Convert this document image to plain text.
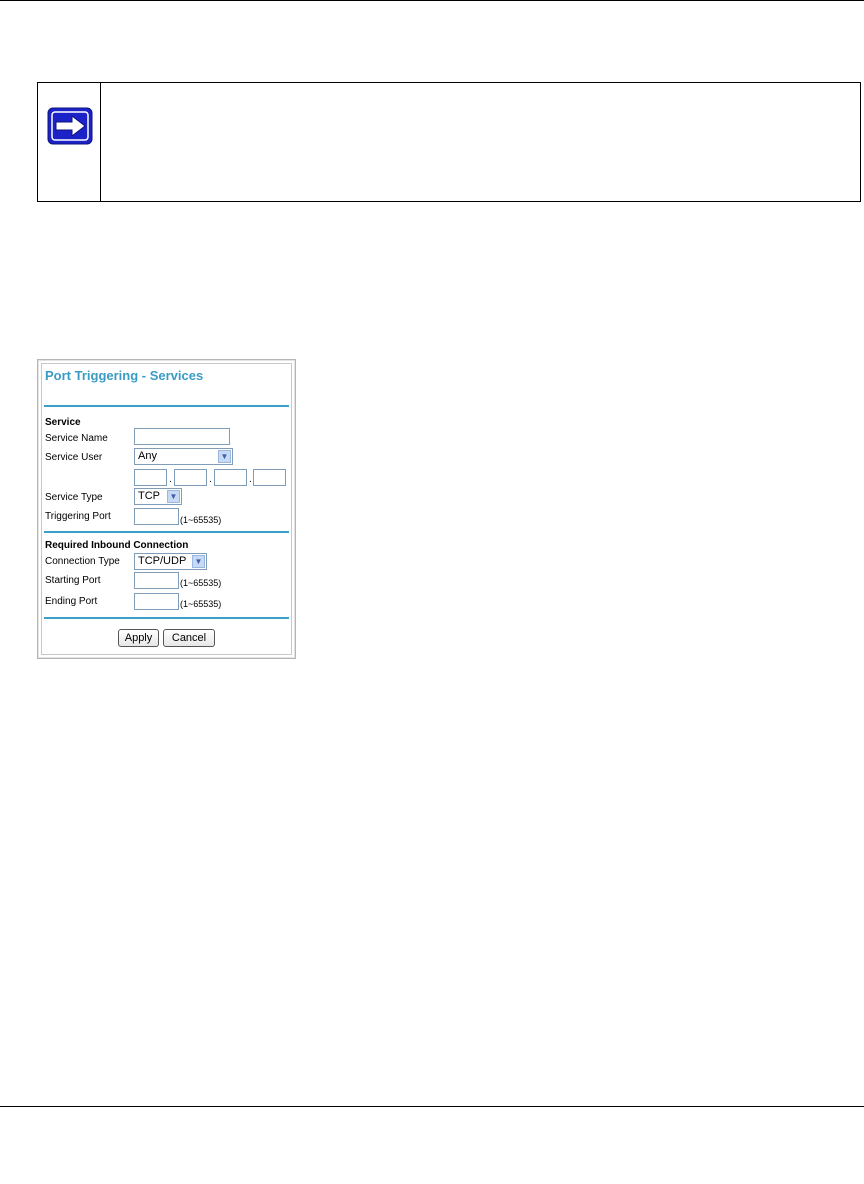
Port Triggering - Services
Service
Service Name
Service User	Any	▼
.	.	.
Service Type	TCP	▼
Triggering Port	(1~65535)
Required Inbound Connection
Connection Type TCP/UDP	▼
Starting Port	(1~65535)
Ending Port	(1~65535)
Apply	Cancel
